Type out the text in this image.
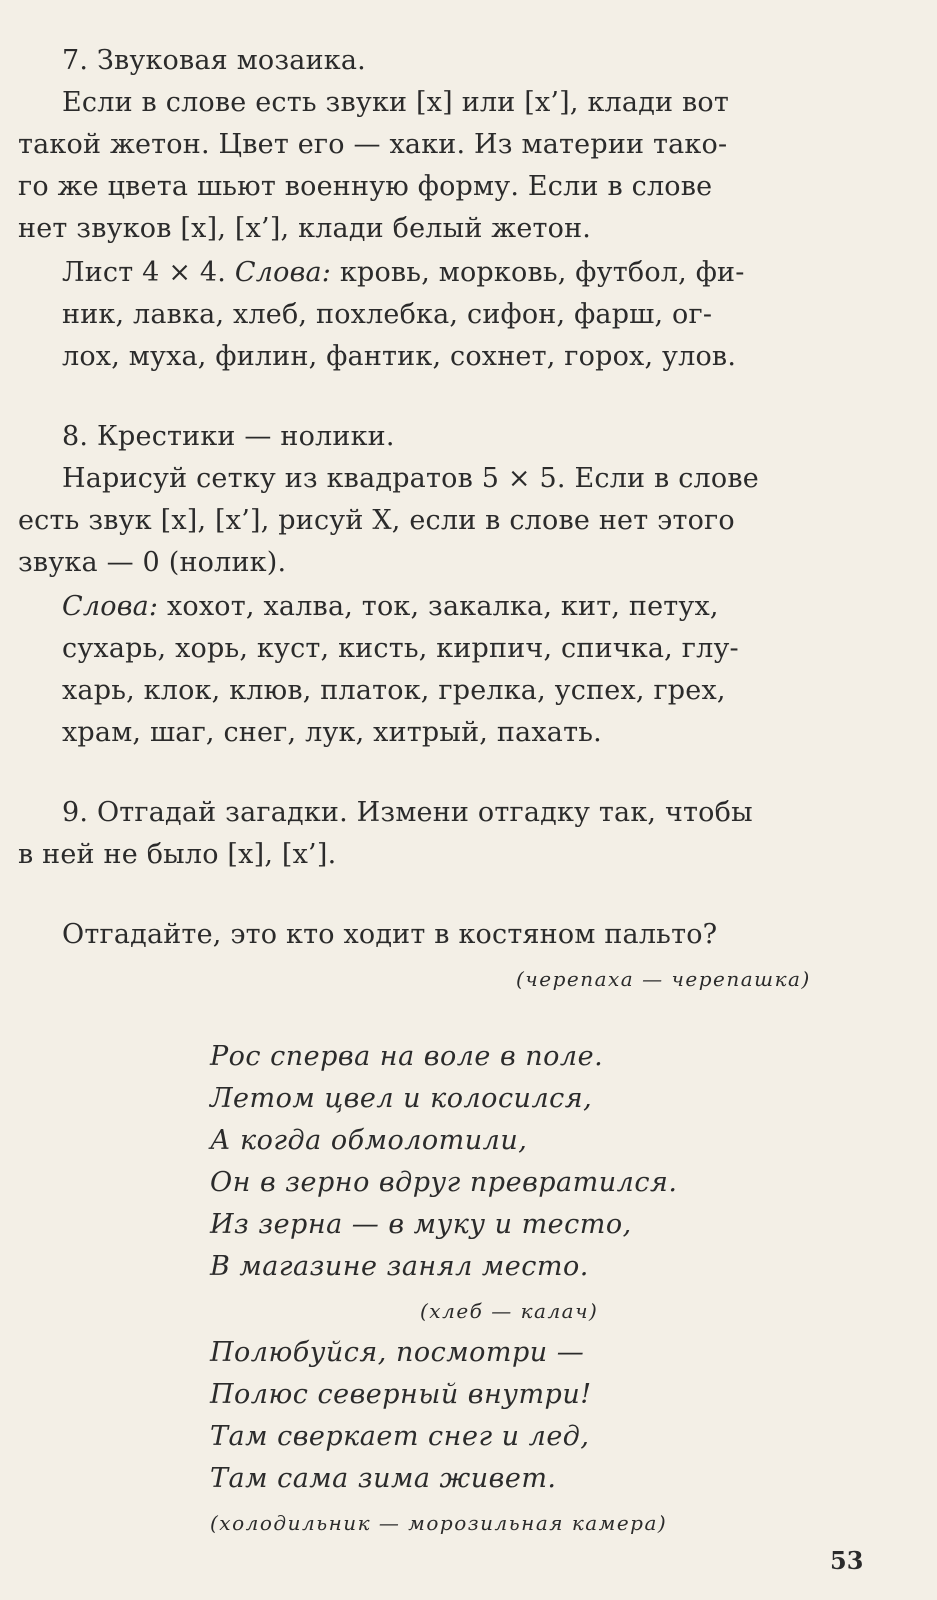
7. Звуковая мозаика.
Если в слове есть звуки [х] или [х’], клади вот
такой жетон. Цвет его — хаки. Из материи тако-
го же цвета шьют военную форму. Если в слове
нет звуков [х], [х’], клади белый жетон.
Лист 4 × 4. Слова: кровь, морковь, футбол, фи-
ник, лавка, хлеб, похлебка, сифон, фарш, ог-
лох, муха, филин, фантик, сохнет, горох, улов.
8. Крестики — нолики.
Нарисуй сетку из квадратов 5 × 5. Если в слове
есть звук [х], [х’], рисуй Х, если в слове нет этого
звука — 0 (нолик).
Слова: хохот, халва, ток, закалка, кит, петух,
сухарь, хорь, куст, кисть, кирпич, спичка, глу-
харь, клок, клюв, платок, грелка, успех, грех,
храм, шаг, снег, лук, хитрый, пахать.
9. Отгадай загадки. Измени отгадку так, чтобы
в ней не было [х], [х’].
Отгадайте, это кто ходит в костяном пальто?
(черепаха — черепашка)
Рос сперва на воле в поле.
Летом цвел и колосился,
А когда обмолотили,
Он в зерно вдруг превратился.
Из зерна — в муку и тесто,
В магазине занял место.
(хлеб — калач)
Полюбуйся, посмотри —
Полюс северный внутри!
Там сверкает снег и лед,
Там сама зима живет.
(холодильник — морозильная камера)
53
